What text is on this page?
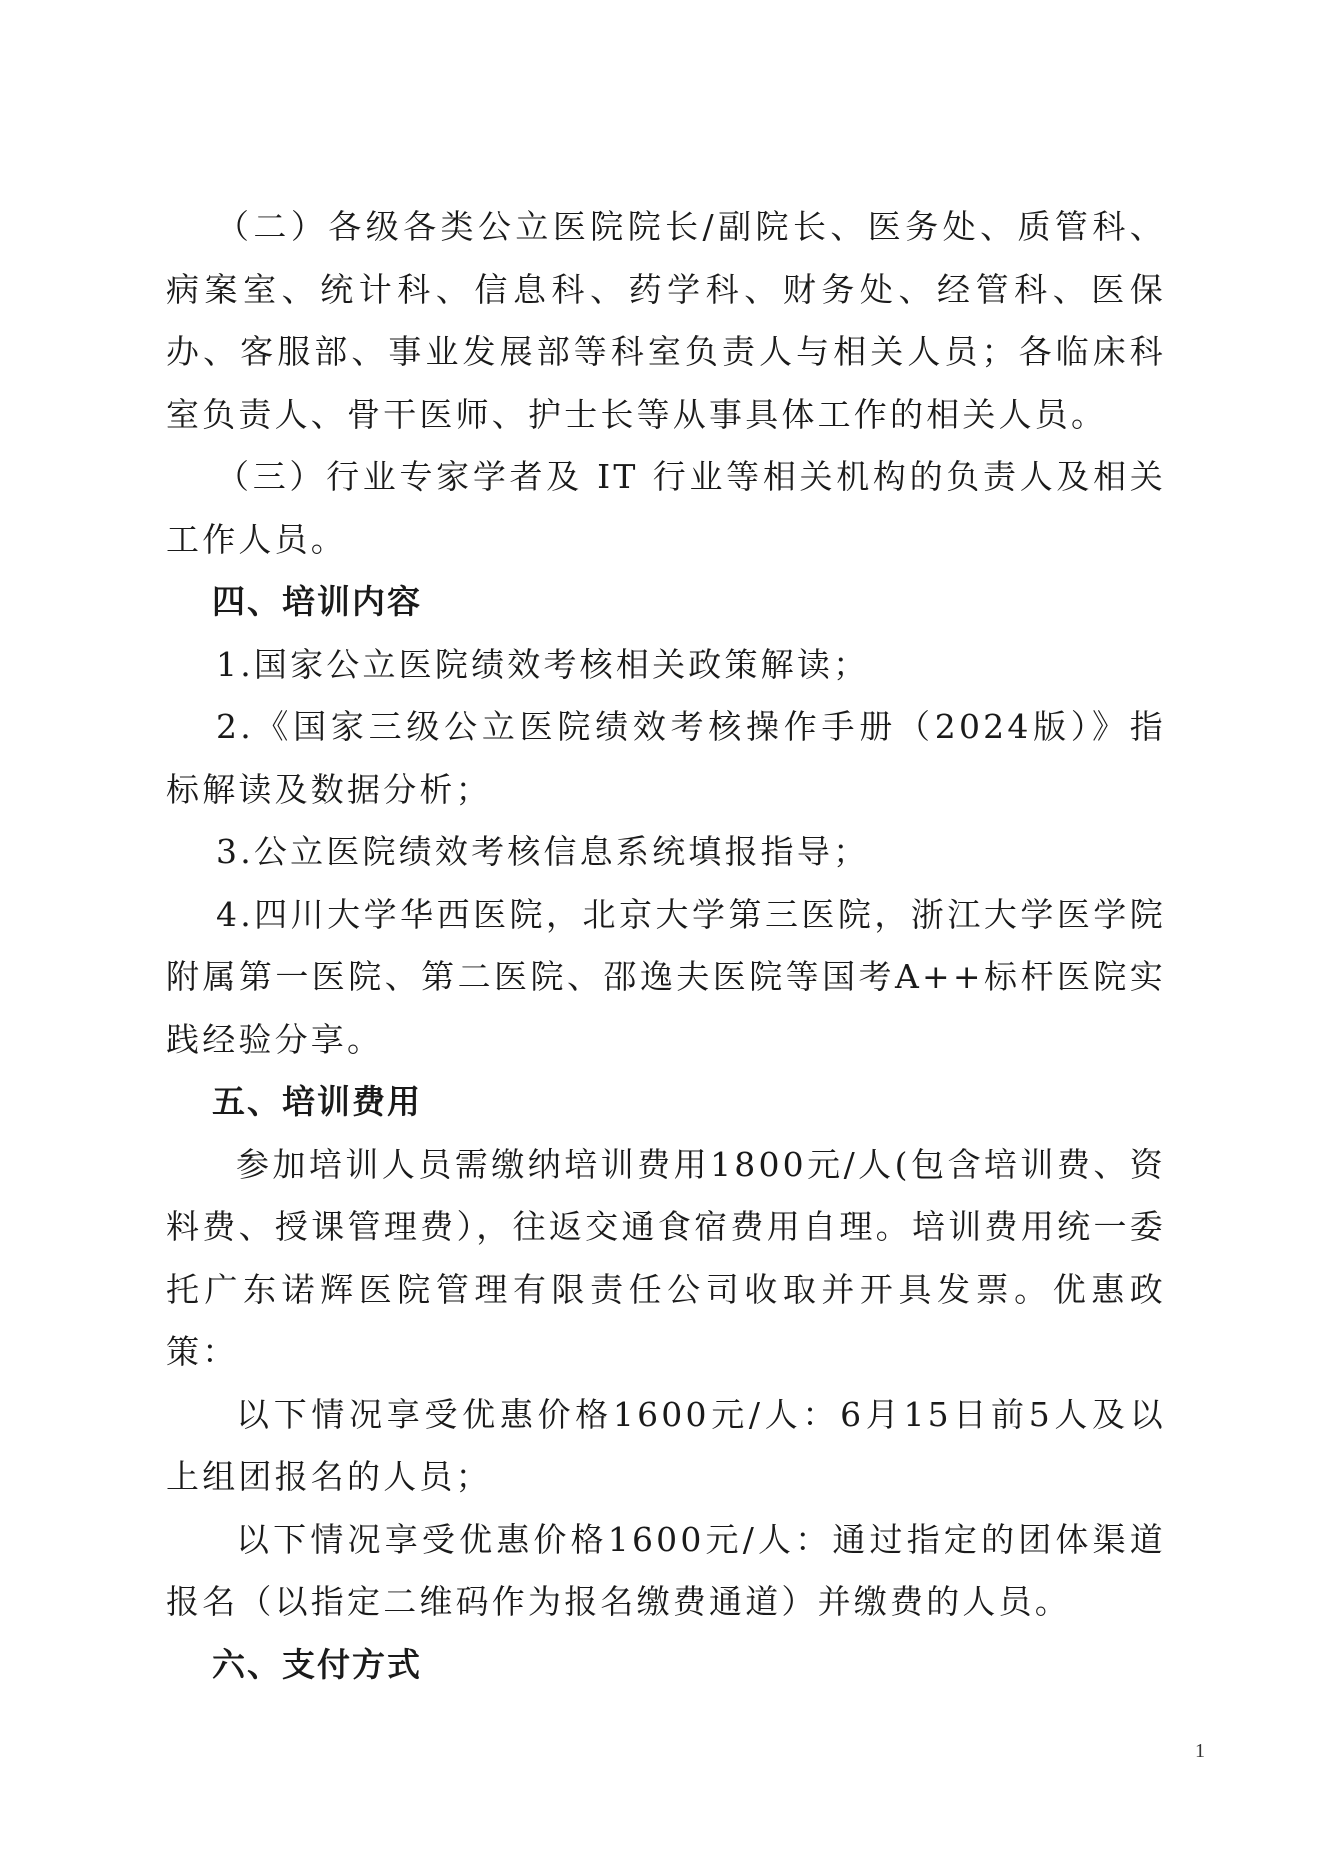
（二）各级各类公立医院院长/副院长、医务处、质管科、病案室、统计科、信息科、药学科、财务处、经管科、医保办、客服部、事业发展部等科室负责人与相关人员；各临床科室负责人、骨干医师、护士长等从事具体工作的相关人员。

（三）行业专家学者及 IT 行业等相关机构的负责人及相关工作人员。

四、培训内容

1.国家公立医院绩效考核相关政策解读；

2.《国家三级公立医院绩效考核操作手册（2024版）》指标解读及数据分析；

3.公立医院绩效考核信息系统填报指导；

4.四川大学华西医院，北京大学第三医院，浙江大学医学院附属第一医院、第二医院、邵逸夫医院等国考A++标杆医院实践经验分享。

五、培训费用

参加培训人员需缴纳培训费用1800元/人(包含培训费、资料费、授课管理费），往返交通食宿费用自理。培训费用统一委托广东诺辉医院管理有限责任公司收取并开具发票。优惠政策：

以下情况享受优惠价格1600元/人：6月15日前5人及以上组团报名的人员；

以下情况享受优惠价格1600元/人：通过指定的团体渠道报名（以指定二维码作为报名缴费通道）并缴费的人员。

六、支付方式
1
